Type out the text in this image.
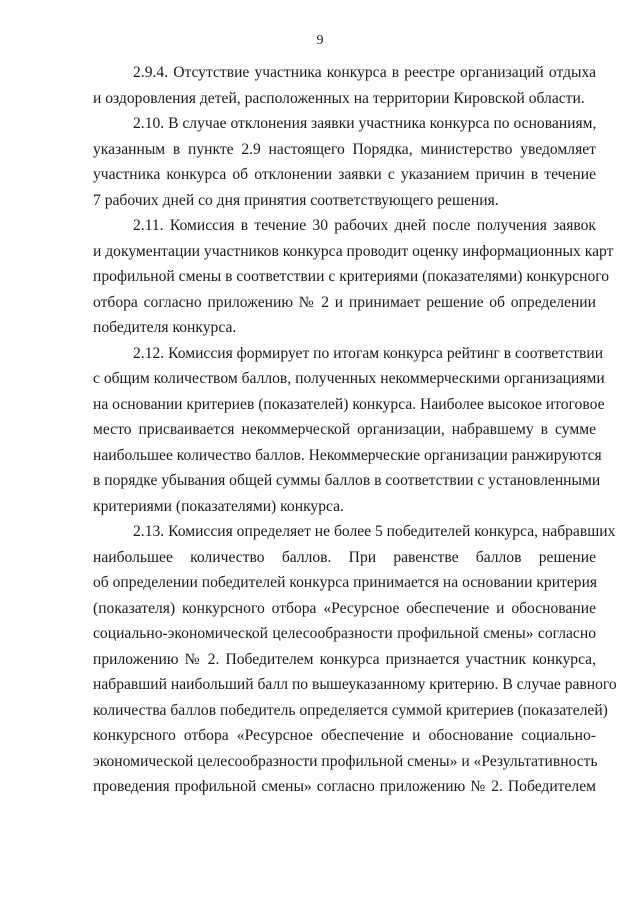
9

2.9.4. Отсутствие участника конкурса в реестре организаций отдыха
и оздоровления детей, расположенных на территории Кировской области.

2.10. В случае отклонения заявки участника конкурса по основаниям,
указанным в пункте 2.9 настоящего Порядка, министерство уведомляет
участника конкурса об отклонении заявки с указанием причин в течение
7 рабочих дней со дня принятия соответствующего решения.

2.11. Комиссия в течение 30 рабочих дней после получения заявок
и документации участников конкурса проводит оценку информационных карт
профильной смены в соответствии с критериями (показателями) конкурсного
отбора согласно приложению № 2 и принимает решение об определении
победителя конкурса.

2.12. Комиссия формирует по итогам конкурса рейтинг в соответствии
с общим количеством баллов, полученных некоммерческими организациями
на основании критериев (показателей) конкурса. Наиболее высокое итоговое
место присваивается некоммерческой организации, набравшему в сумме
наибольшее количество баллов. Некоммерческие организации ранжируются
в порядке убывания общей суммы баллов в соответствии с установленными
критериями (показателями) конкурса.

2.13. Комиссия определяет не более 5 победителей конкурса, набравших
наибольшее количество баллов. При равенстве баллов решение
об определении победителей конкурса принимается на основании критерия
(показателя) конкурсного отбора «Ресурсное обеспечение и обоснование
социально-экономической целесообразности профильной смены» согласно
приложению № 2. Победителем конкурса признается участник конкурса,
набравший наибольший балл по вышеуказанному критерию. В случае равного
количества баллов победитель определяется суммой критериев (показателей)
конкурсного отбора «Ресурсное обеспечение и обоснование социально-
экономической целесообразности профильной смены» и «Результативность
проведения профильной смены» согласно приложению № 2. Победителем
